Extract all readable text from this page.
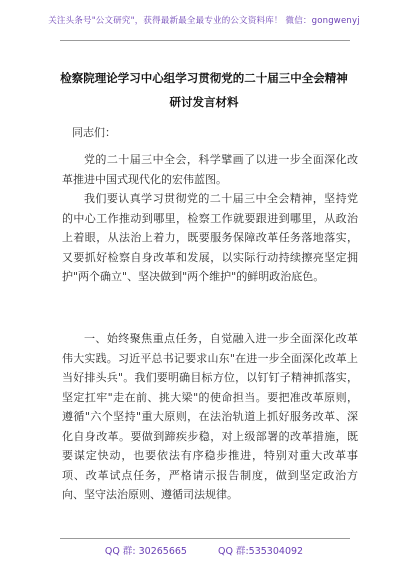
关注头条号"公文研究"，获得最新最全最专业的公文资料库！ 微信：gongwenyj
检察院理论学习中心组学习贯彻党的二十届三中全会精神
研讨发言材料
同志们：
党的二十届三中全会，科学擘画了以进一步全面深化改革推进中国式现代化的宏伟蓝图。
我们要认真学习贯彻党的二十届三中全会精神，坚持党的中心工作推动到哪里，检察工作就要跟进到哪里，从政治上着眼，从法治上着力，既要服务保障改革任务落地落实，又要抓好检察自身改革和发展，以实际行动持续擦亮坚定拥护"两个确立"、坚决做到"两个维护"的鲜明政治底色。
一、始终聚焦重点任务，自觉融入进一步全面深化改革伟大实践。习近平总书记要求山东"在进一步全面深化改革上当好排头兵"。我们要明确目标方位，以钉钉子精神抓落实，坚定扛牢"走在前、挑大梁"的使命担当。要把准改革原则，遵循"六个坚持"重大原则，在法治轨道上抓好服务改革、深化自身改革。要做到蹄疾步稳，对上级部署的改革措施，既要谋定快动，也要依法有序稳步推进，特别对重大改革事项、改革试点任务，严格请示报告制度，做到坚定政治方向、坚守法治原则、遵循司法规律。
QQ 群: 30265665	QQ 群:535304092
